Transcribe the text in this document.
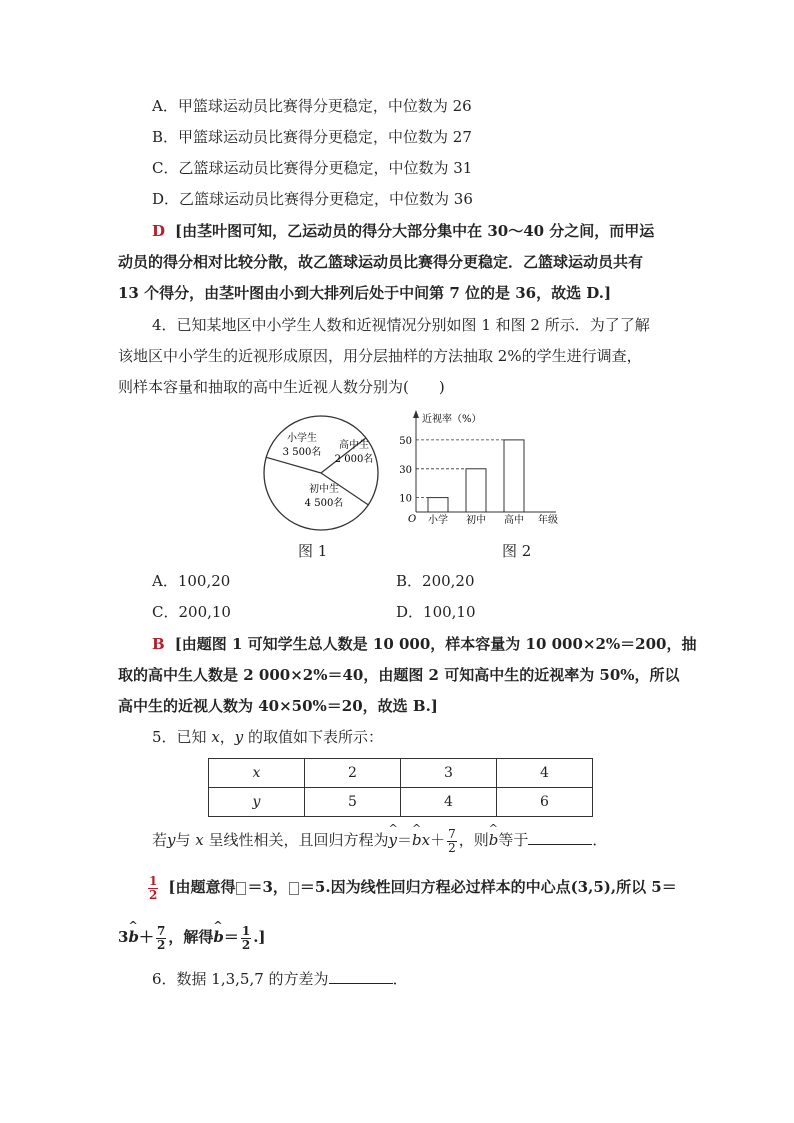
A．甲篮球运动员比赛得分更稳定，中位数为 26
B．甲篮球运动员比赛得分更稳定，中位数为 27
C．乙篮球运动员比赛得分更稳定，中位数为 31
D．乙篮球运动员比赛得分更稳定，中位数为 36
D [由茎叶图可知，乙运动员的得分大部分集中在 30～40 分之间，而甲运
动员的得分相对比较分散，故乙篮球运动员比赛得分更稳定．乙篮球运动员共有
13 个得分，由茎叶图由小到大排列后处于中间第 7 位的是 36，故选 D.]
4．已知某地区中小学生人数和近视情况分别如图 1 和图 2 所示．为了了解
该地区中小学生的近视形成原因，用分层抽样的方法抽取 2%的学生进行调查，
则样本容量和抽取的高中生近视人数分别为(　　)
小学生
3 500名
高中生
2 000名
初中生
4 500名
近视率（%）
O	年级
小学 初中 高中
10
30
50
图 1	图 2
A．100,20	B．200,20
C．200,10	D．100,10
B [由题图 1 可知学生总人数是 10 000，样本容量为 10 000×2%＝200，抽
取的高中生人数是 2 000×2%＝40，由题图 2 可知高中生的近视率为 50%，所以
高中生的近视人数为 40×50%＝20，故选 B.]
5．已知 x，y 的取值如下表所示：
x	2	3	4
y	5	4	6
若y与 x 呈线性相关，且回归方程为^ y＝^ $bx+ \frac{7}{2}$ ，则^ b等于	．
$\frac{1}{2}$ [由题意得 ＝3， ＝5.因为线性回归方程必过样本的中心点(3,5),所以 5＝
3^ $b+ \frac{7}{2}$ ，解得^ $b= \frac{1}{2}$ .]
6．数据 1,3,5,7 的方差为	．
